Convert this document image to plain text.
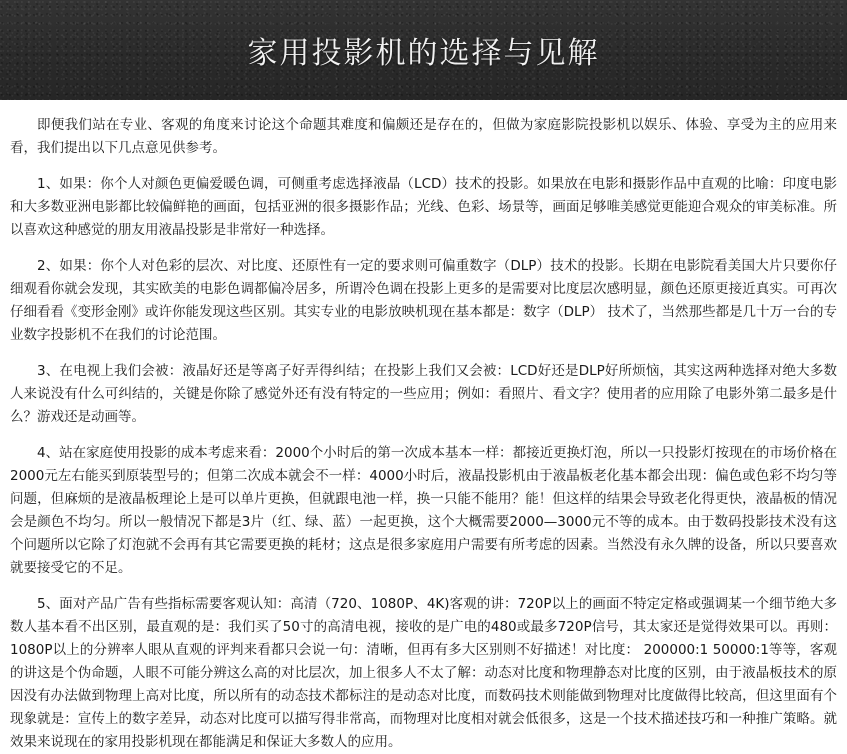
家用投影机的选择与见解

即便我们站在专业、客观的角度来讨论这个命题其难度和偏颇还是存在的，但做为家庭影院投影机以娱乐、体验、享受为主的应用来看，我们提出以下几点意见供参考。

1、如果：你个人对颜色更偏爱暖色调，可侧重考虑选择液晶（LCD）技术的投影。如果放在电影和摄影作品中直观的比喻：印度电影和大多数亚洲电影都比较偏鲜艳的画面，包括亚洲的很多摄影作品；光线、色彩、场景等，画面足够唯美感觉更能迎合观众的审美标准。所以喜欢这种感觉的朋友用液晶投影是非常好一种选择。

2、如果：你个人对色彩的层次、对比度、还原性有一定的要求则可偏重数字（DLP）技术的投影。长期在电影院看美国大片只要你仔细观看你就会发现，其实欧美的电影色调都偏冷居多，所谓冷色调在投影上更多的是需要对比度层次感明显，颜色还原更接近真实。可再次仔细看看《变形金刚》或许你能发现这些区别。其实专业的电影放映机现在基本都是：数字（DLP） 技术了，当然那些都是几十万一台的专业数字投影机不在我们的讨论范围。

3、在电视上我们会被：液晶好还是等离子好弄得纠结；在投影上我们又会被：LCD好还是DLP好所烦恼，其实这两种选择对绝大多数人来说没有什么可纠结的，关键是你除了感觉外还有没有特定的一些应用；例如：看照片、看文字？使用者的应用除了电影外第二最多是什么？游戏还是动画等。

4、站在家庭使用投影的成本考虑来看：2000个小时后的第一次成本基本一样：都接近更换灯泡，所以一只投影灯按现在的市场价格在2000元左右能买到原装型号的；但第二次成本就会不一样：4000小时后，液晶投影机由于液晶板老化基本都会出现：偏色或色彩不均匀等问题，但麻烦的是液晶板理论上是可以单片更换，但就跟电池一样，换一只能不能用？能！但这样的结果会导致老化得更快，液晶板的情况会是颜色不均匀。所以一般情况下都是3片（红、绿、蓝）一起更换，这个大概需要2000—3000元不等的成本。由于数码投影技术没有这个问题所以它除了灯泡就不会再有其它需要更换的耗材；这点是很多家庭用户需要有所考虑的因素。当然没有永久牌的设备，所以只要喜欢就要接受它的不足。

5、面对产品广告有些指标需要客观认知：高清（720、1080P、4K)客观的讲：720P以上的画面不特定定格或强调某一个细节绝大多数人基本看不出区别，最直观的是：我们买了50寸的高清电视，接收的是广电的480或最多720P信号，其太家还是觉得效果可以。再则：1080P以上的分辨率人眼从直观的评判来看都只会说一句：清晰，但再有多大区别则不好描述！对比度： 200000:1 50000:1等等，客观的讲这是个伪命题，人眼不可能分辨这么高的对比层次，加上很多人不太了解：动态对比度和物理静态对比度的区别，由于液晶板技术的原因没有办法做到物理上高对比度，所以所有的动态技术都标注的是动态对比度，而数码技术则能做到物理对比度做得比较高，但这里面有个现象就是：宣传上的数字差异，动态对比度可以描写得非常高，而物理对比度相对就会低很多，这是一个技术描述技巧和一种推广策略。就效果来说现在的家用投影机现在都能满足和保证大多数人的应用。
